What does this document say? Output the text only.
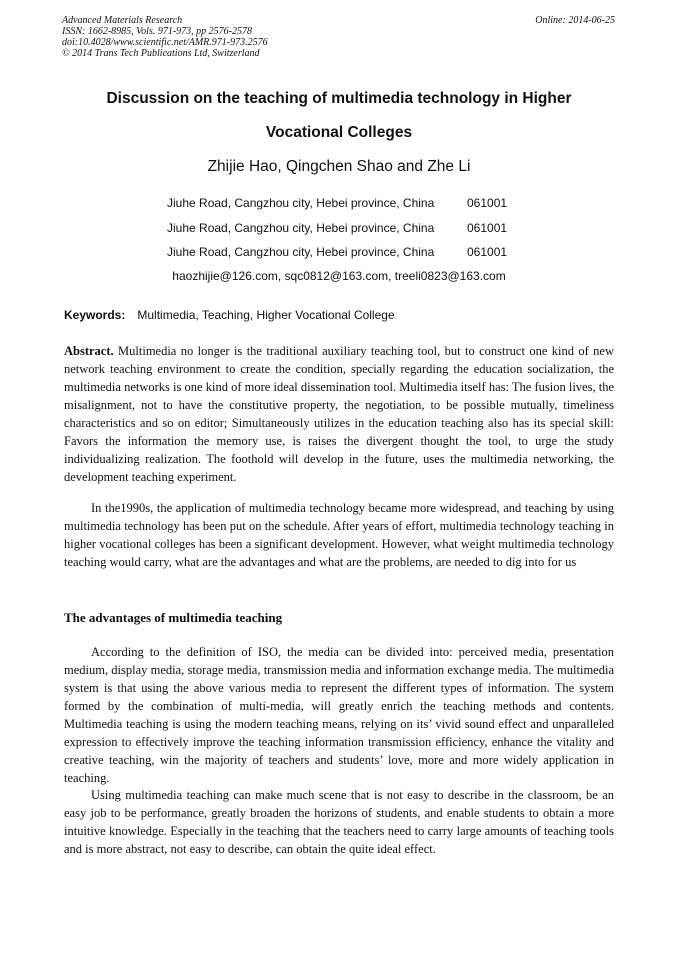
Advanced Materials Research
ISSN: 1662-8985, Vols. 971-973, pp 2576-2578
doi:10.4028/www.scientific.net/AMR.971-973.2576
© 2014 Trans Tech Publications Ltd, Switzerland
Online: 2014-06-25
Discussion on the teaching of multimedia technology in Higher
Vocational Colleges
Zhijie Hao, Qingchen Shao and Zhe Li
Jiuhe Road, Cangzhou city, Hebei province, China	061001
Jiuhe Road, Cangzhou city, Hebei province, China	061001
Jiuhe Road, Cangzhou city, Hebei province, China	061001
haozhijie@126.com, sqc0812@163.com, treeli0823@163.com
Keywords: Multimedia, Teaching, Higher Vocational College
Abstract. Multimedia no longer is the traditional auxiliary teaching tool, but to construct one kind of new network teaching environment to create the condition, specially regarding the education socialization, the multimedia networks is one kind of more ideal dissemination tool. Multimedia itself has: The fusion lives, the misalignment, not to have the constitutive property, the negotiation, to be possible mutually, timeliness characteristics and so on editor; Simultaneously utilizes in the education teaching also has its special skill: Favors the information the memory use, is raises the divergent thought the tool, to urge the study individualizing realization. The foothold will develop in the future, uses the multimedia networking, the development teaching experiment.
In the1990s, the application of multimedia technology became more widespread, and teaching by using multimedia technology has been put on the schedule. After years of effort, multimedia technology teaching in higher vocational colleges has been a significant development. However, what weight multimedia technology teaching would carry, what are the advantages and what are the problems, are needed to dig into for us
The advantages of multimedia teaching
According to the definition of ISO, the media can be divided into: perceived media, presentation medium, display media, storage media, transmission media and information exchange media. The multimedia system is that using the above various media to represent the different types of information. The system formed by the combination of multi-media, will greatly enrich the teaching methods and contents. Multimedia teaching is using the modern teaching means, relying on its’ vivid sound effect and unparalleled expression to effectively improve the teaching information transmission efficiency, enhance the vitality and creative teaching, win the majority of teachers and students’ love, more and more widely application in teaching.
Using multimedia teaching can make much scene that is not easy to describe in the classroom, be an easy job to be performance, greatly broaden the horizons of students, and enable students to obtain a more intuitive knowledge. Especially in the teaching that the teachers need to carry large amounts of teaching tools and is more abstract, not easy to describe, can obtain the quite ideal effect.
